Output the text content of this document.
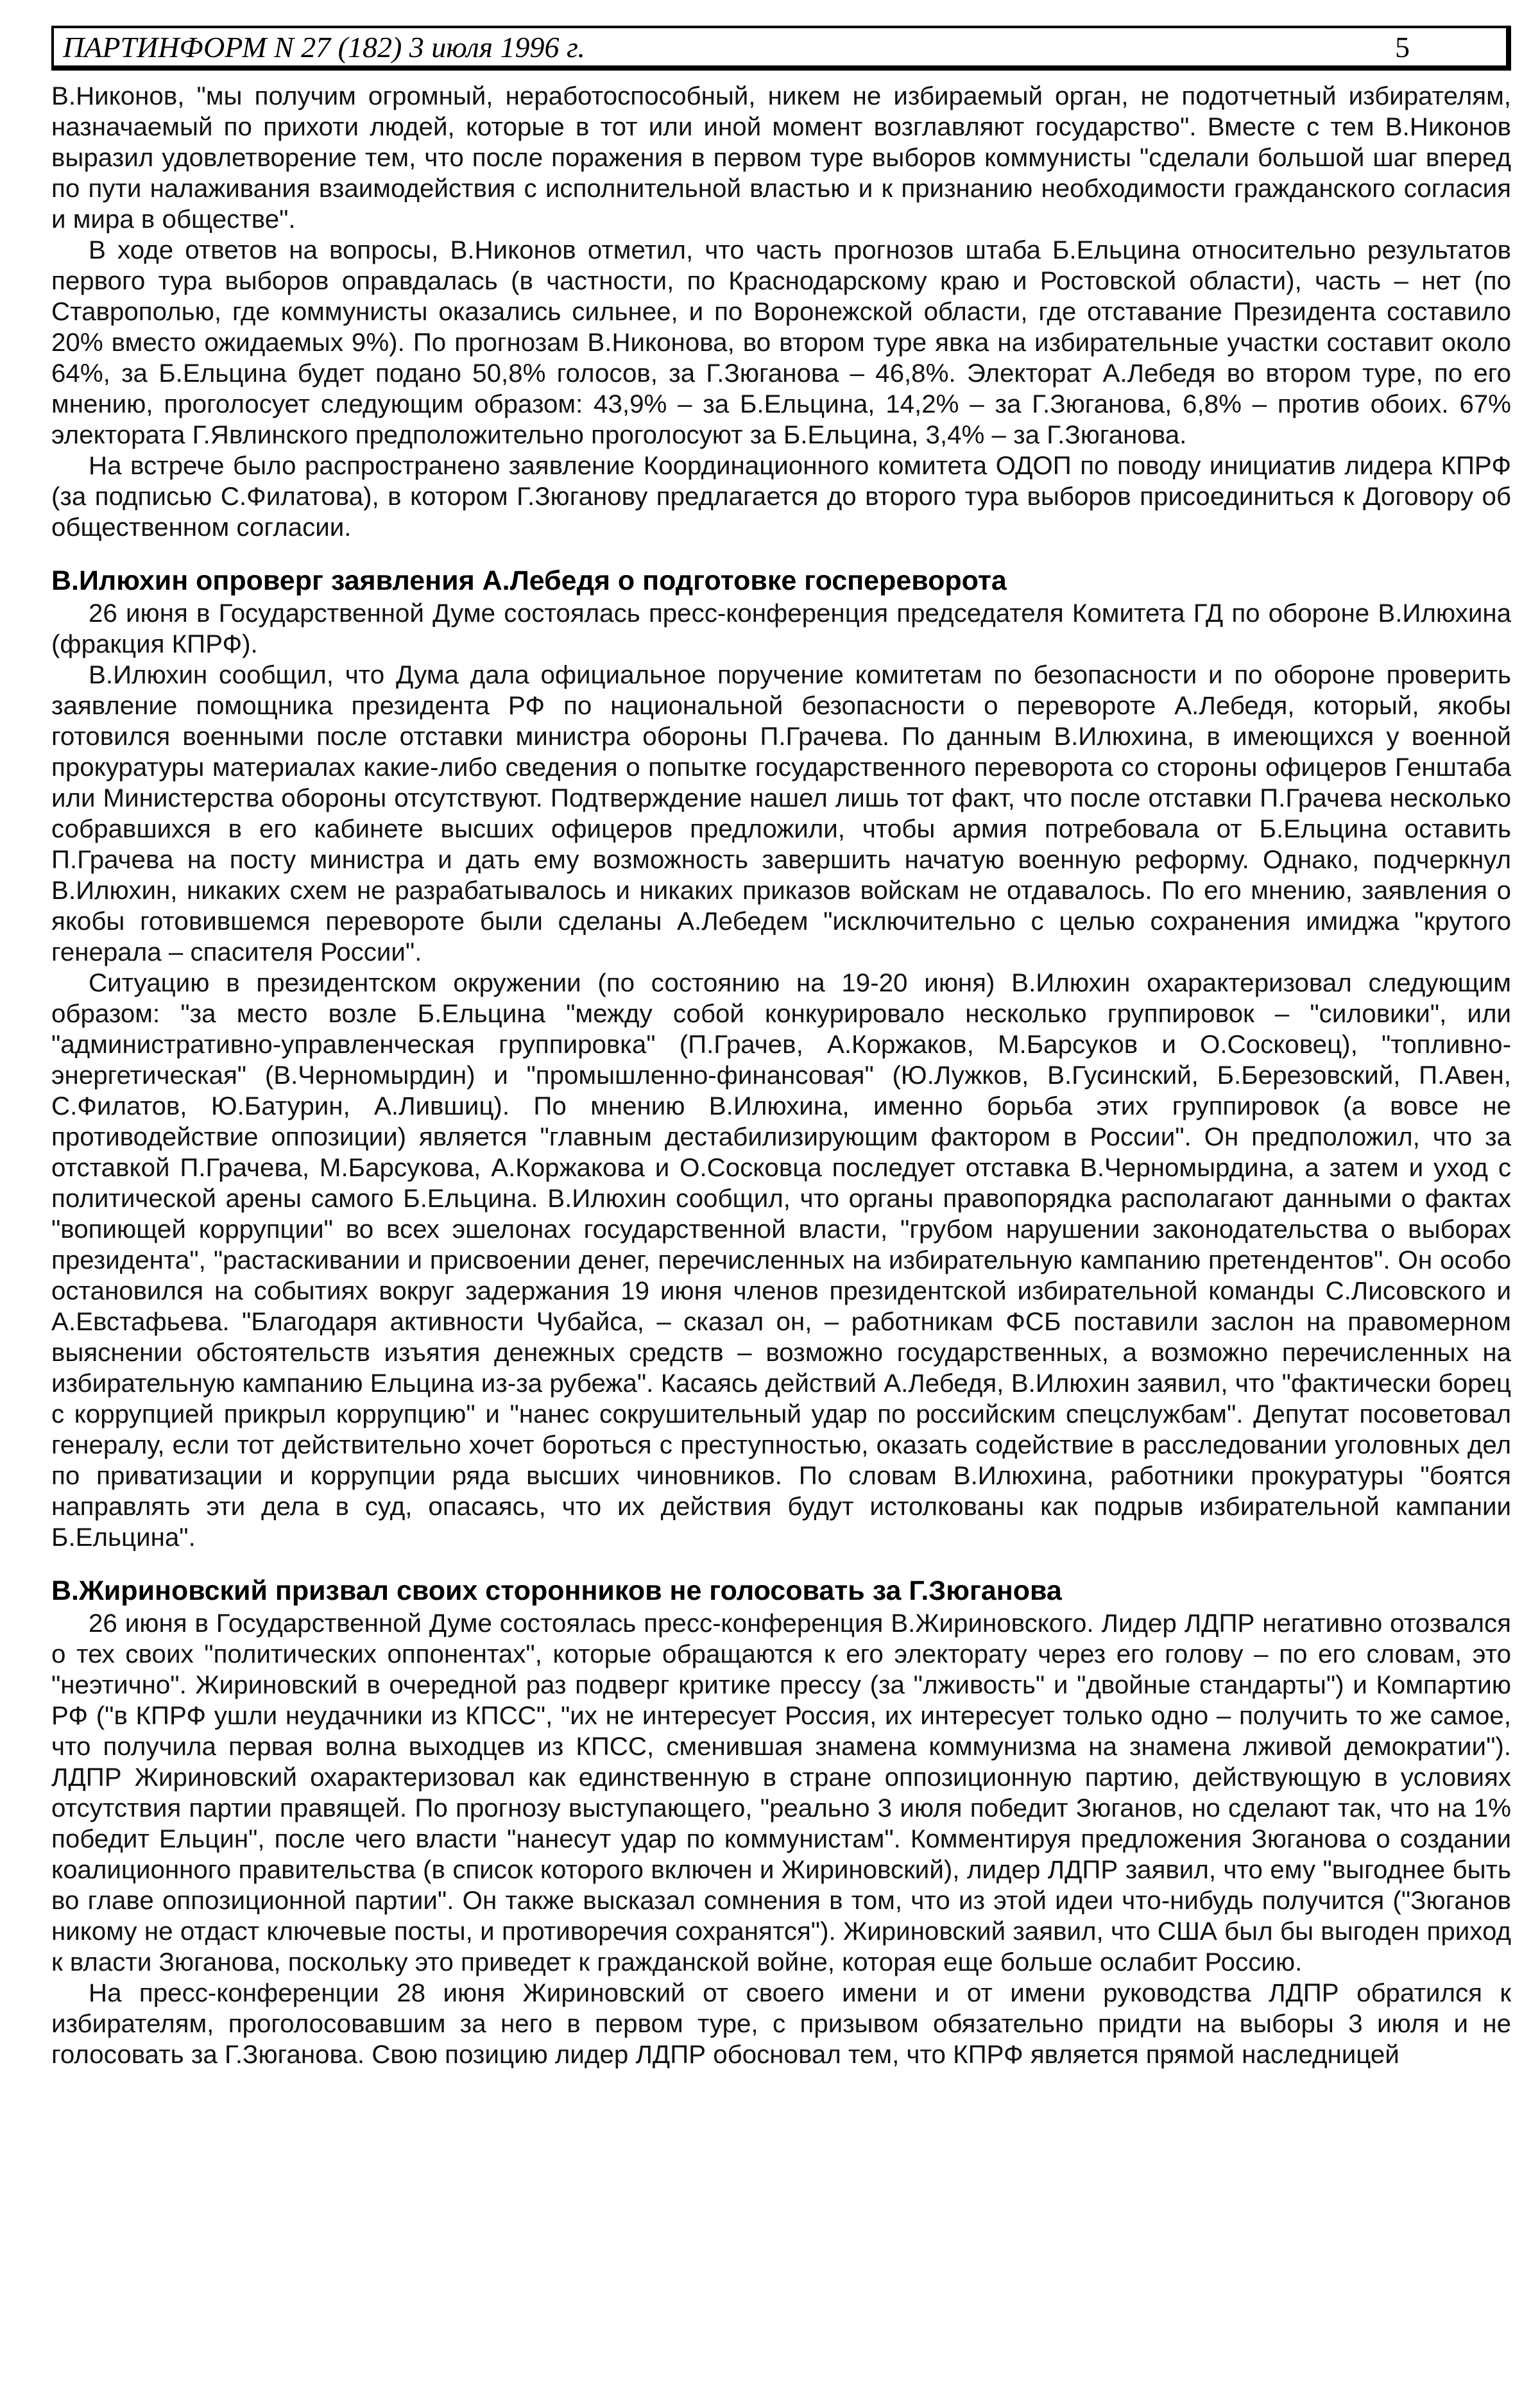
ПАРТИНФОРМ N 27 (182) 3 июля 1996 г.	5

В.Никонов, "мы получим огромный, неработоспособный, никем не избираемый орган, не подотчетный избирателям, назначаемый по прихоти людей, которые в тот или иной момент возглавляют государство". Вместе с тем В.Никонов выразил удовлетворение тем, что после поражения в первом туре выборов коммунисты "сделали большой шаг вперед по пути налаживания взаимодействия с исполнительной властью и к признанию необходимости гражданского согласия и мира в обществе".

В ходе ответов на вопросы, В.Никонов отметил, что часть прогнозов штаба Б.Ельцина относительно результатов первого тура выборов оправдалась (в частности, по Краснодарскому краю и Ростовской области), часть – нет (по Ставрополью, где коммунисты оказались сильнее, и по Воронежской области, где отставание Президента составило 20% вместо ожидаемых 9%). По прогнозам В.Никонова, во втором туре явка на избирательные участки составит около 64%, за Б.Ельцина будет подано 50,8% голосов, за Г.Зюганова – 46,8%. Электорат А.Лебедя во втором туре, по его мнению, проголосует следующим образом: 43,9% – за Б.Ельцина, 14,2% – за Г.Зюганова, 6,8% – против обоих. 67% электората Г.Явлинского предположительно проголосуют за Б.Ельцина, 3,4% – за Г.Зюганова.

На встрече было распространено заявление Координационного комитета ОДОП по поводу инициатив лидера КПРФ (за подписью С.Филатова), в котором Г.Зюганову предлагается до второго тура выборов присоединиться к Договору об общественном согласии.

В.Илюхин опроверг заявления А.Лебедя о подготовке госпереворота

26 июня в Государственной Думе состоялась пресс-конференция председателя Комитета ГД по обороне В.Илюхина (фракция КПРФ).

В.Илюхин сообщил, что Дума дала официальное поручение комитетам по безопасности и по обороне проверить заявление помощника президента РФ по национальной безопасности о перевороте А.Лебедя, который, якобы готовился военными после отставки министра обороны П.Грачева. По данным В.Илюхина, в имеющихся у военной прокуратуры материалах какие-либо сведения о попытке государственного переворота со стороны офицеров Генштаба или Министерства обороны отсутствуют. Подтверждение нашел лишь тот факт, что после отставки П.Грачева несколько собравшихся в его кабинете высших офицеров предложили, чтобы армия потребовала от Б.Ельцина оставить П.Грачева на посту министра и дать ему возможность завершить начатую военную реформу. Однако, подчеркнул В.Илюхин, никаких схем не разрабатывалось и никаких приказов войскам не отдавалось. По его мнению, заявления о якобы готовившемся перевороте были сделаны А.Лебедем "исключительно с целью сохранения имиджа "крутого генерала – спасителя России".

Ситуацию в президентском окружении (по состоянию на 19-20 июня) В.Илюхин охарактеризовал следующим образом: "за место возле Б.Ельцина "между собой конкурировало несколько группировок – "силовики", или "административно-управленческая группировка" (П.Грачев, А.Коржаков, М.Барсуков и О.Сосковец), "топливно-энергетическая" (В.Черномырдин) и "промышленно-финансовая" (Ю.Лужков, В.Гусинский, Б.Березовский, П.Авен, С.Филатов, Ю.Батурин, А.Лившиц). По мнению В.Илюхина, именно борьба этих группировок (а вовсе не противодействие оппозиции) является "главным дестабилизирующим фактором в России". Он предположил, что за отставкой П.Грачева, М.Барсукова, А.Коржакова и О.Сосковца последует отставка В.Черномырдина, а затем и уход с политической арены самого Б.Ельцина. В.Илюхин сообщил, что органы правопорядка располагают данными о фактах "вопиющей коррупции" во всех эшелонах государственной власти, "грубом нарушении законодательства о выборах президента", "растаскивании и присвоении денег, перечисленных на избирательную кампанию претендентов". Он особо остановился на событиях вокруг задержания 19 июня членов президентской избирательной команды С.Лисовского и А.Евстафьева. "Благодаря активности Чубайса, – сказал он, – работникам ФСБ поставили заслон на правомерном выяснении обстоятельств изъятия денежных средств – возможно государственных, а возможно перечисленных на избирательную кампанию Ельцина из-за рубежа". Касаясь действий А.Лебедя, В.Илюхин заявил, что "фактически борец с коррупцией прикрыл коррупцию" и "нанес сокрушительный удар по российским спецслужбам". Депутат посоветовал генералу, если тот действительно хочет бороться с преступностью, оказать содействие в расследовании уголовных дел по приватизации и коррупции ряда высших чиновников. По словам В.Илюхина, работники прокуратуры "боятся направлять эти дела в суд, опасаясь, что их действия будут истолкованы как подрыв избирательной кампании Б.Ельцина".

В.Жириновский призвал своих сторонников не голосовать за Г.Зюганова

26 июня в Государственной Думе состоялась пресс-конференция В.Жириновского. Лидер ЛДПР негативно отозвался о тех своих "политических оппонентах", которые обращаются к его электорату через его голову – по его словам, это "неэтично". Жириновский в очередной раз подверг критике прессу (за "лживость" и "двойные стандарты") и Компартию РФ ("в КПРФ ушли неудачники из КПСС", "их не интересует Россия, их интересует только одно – получить то же самое, что получила первая волна выходцев из КПСС, сменившая знамена коммунизма на знамена лживой демократии"). ЛДПР Жириновский охарактеризовал как единственную в стране оппозиционную партию, действующую в условиях отсутствия партии правящей. По прогнозу выступающего, "реально 3 июля победит Зюганов, но сделают так, что на 1% победит Ельцин", после чего власти "нанесут удар по коммунистам". Комментируя предложения Зюганова о создании коалиционного правительства (в список которого включен и Жириновский), лидер ЛДПР заявил, что ему "выгоднее быть во главе оппозиционной партии". Он также высказал сомнения в том, что из этой идеи что-нибудь получится ("Зюганов никому не отдаст ключевые посты, и противоречия сохранятся"). Жириновский заявил, что США был бы выгоден приход к власти Зюганова, поскольку это приведет к гражданской войне, которая еще больше ослабит Россию.

На пресс-конференции 28 июня Жириновский от своего имени и от имени руководства ЛДПР обратился к избирателям, проголосовавшим за него в первом туре, с призывом обязательно придти на выборы 3 июля и не голосовать за Г.Зюганова. Свою позицию лидер ЛДПР обосновал тем, что КПРФ является прямой наследницей
